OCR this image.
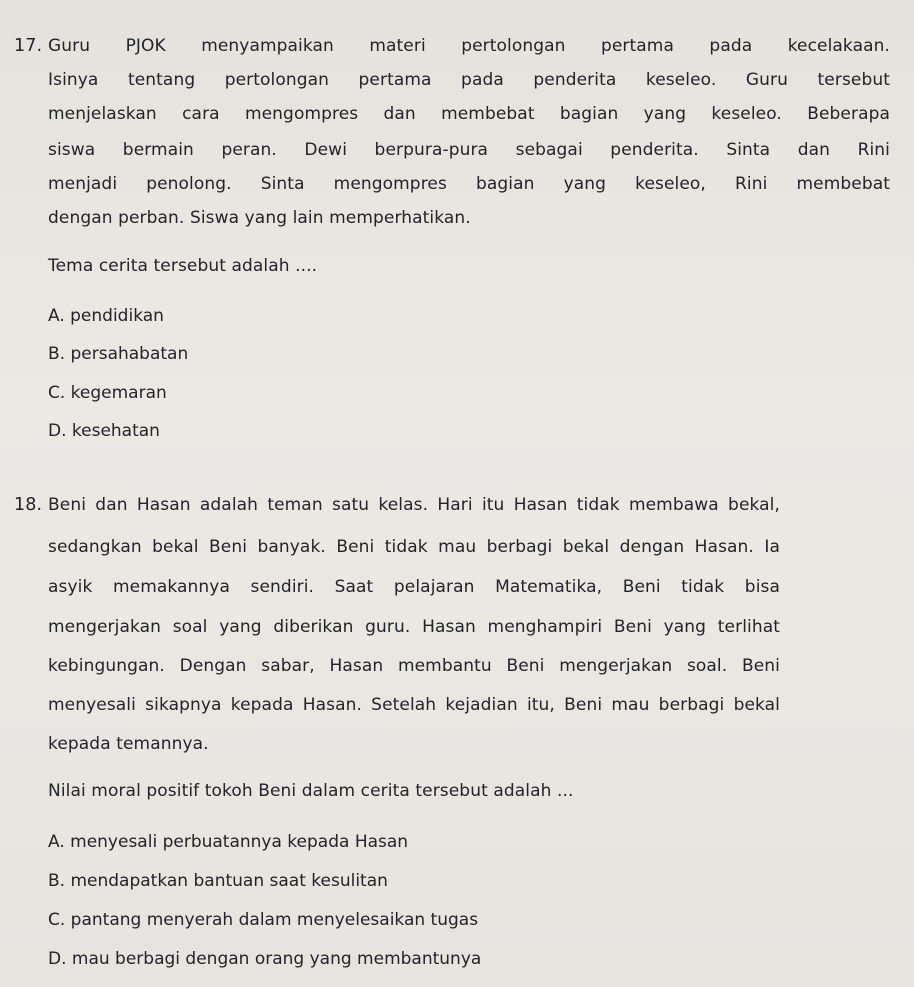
17. Guru PJOK menyampaikan materi pertolongan pertama pada kecelakaan.
Isinya tentang pertolongan pertama pada penderita keseleo. Guru tersebut
menjelaskan cara mengompres dan membebat bagian yang keseleo. Beberapa
siswa bermain peran. Dewi berpura-pura sebagai penderita. Sinta dan Rini
menjadi penolong. Sinta mengompres bagian yang keseleo, Rini membebat
dengan perban. Siswa yang lain memperhatikan.
Tema cerita tersebut adalah ....
A. pendidikan
B. persahabatan
C. kegemaran
D. kesehatan
18. Beni dan Hasan adalah teman satu kelas. Hari itu Hasan tidak membawa bekal,
sedangkan bekal Beni banyak. Beni tidak mau berbagi bekal dengan Hasan. Ia
asyik memakannya sendiri. Saat pelajaran Matematika, Beni tidak bisa
mengerjakan soal yang diberikan guru. Hasan menghampiri Beni yang terlihat
kebingungan. Dengan sabar, Hasan membantu Beni mengerjakan soal. Beni
menyesali sikapnya kepada Hasan. Setelah kejadian itu, Beni mau berbagi bekal
kepada temannya.
Nilai moral positif tokoh Beni dalam cerita tersebut adalah ...
A. menyesali perbuatannya kepada Hasan
B. mendapatkan bantuan saat kesulitan
C. pantang menyerah dalam menyelesaikan tugas
D. mau berbagi dengan orang yang membantunya
